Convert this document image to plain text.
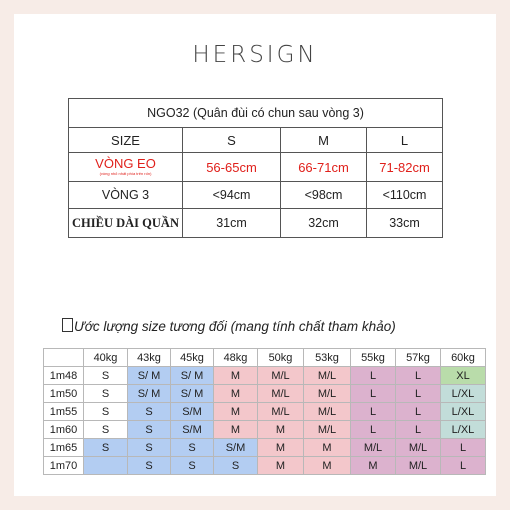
HERSIGN
NGO32 (Quân đùi có chun sau vòng 3)			
SIZE	S	M	L
VÒNG EO
(vòng nhỏ nhất phía trên rốn)	56-65cm	66-71cm	71-82cm
VÒNG 3	<94cm	<98cm	<110cm
CHIỀU DÀI QUẦN	31cm	32cm	33cm
Ước lượng size tương đối (mang tính chất tham khảo)
	40kg	43kg	45kg	48kg	50kg	53kg	55kg	57kg	60kg
1m48	S	S/ M	S/ M	M	M/L	M/L	L	L	XL
1m50	S	S/ M	S/ M	M	M/L	M/L	L	L	L/XL
1m55	S	S	S/M	M	M/L	M/L	L	L	L/XL
1m60	S	S	S/M	M	M	M/L	L	L	L/XL
1m65	S	S	S	S/M	M	M	M/L	M/L	L
1m70		S	S	S	M	M	M	M/L	L
